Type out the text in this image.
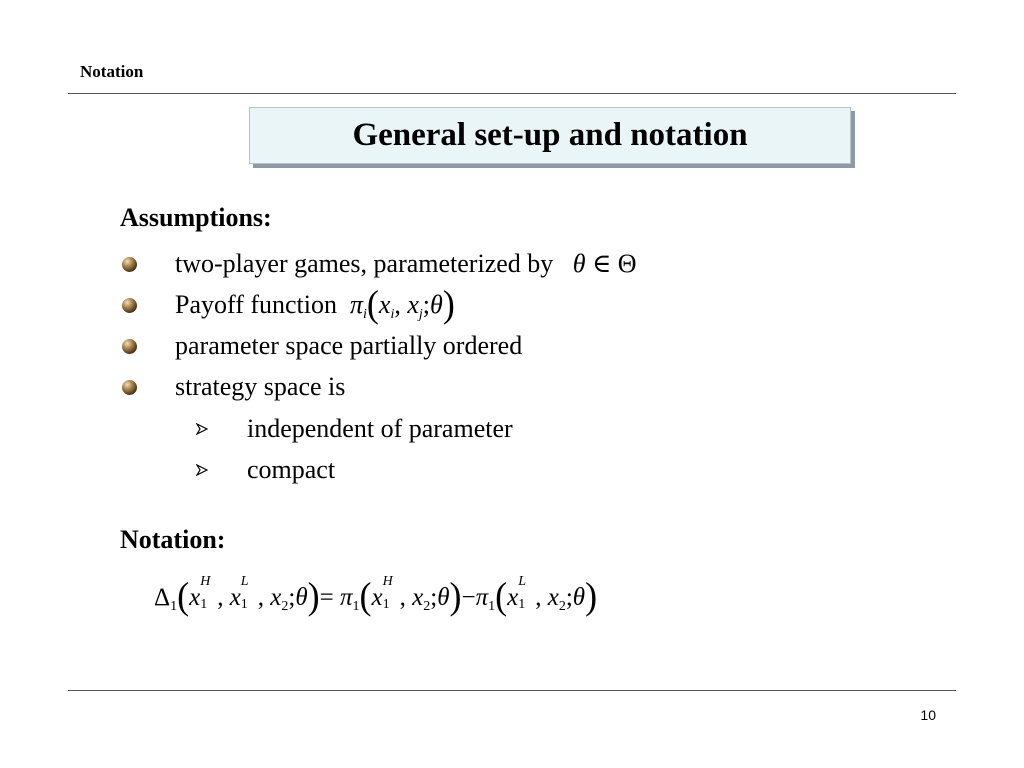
Notation
General set-up and notation
Assumptions:
two-player games, parameterized by   θ ∈ Θ
Payoff function  $\pi_i(x_i$, $x_j;\theta$)
parameter space partially ordered
strategy space is
independent of parameter
compact
Notation:
$\Delta_1(x$
H
1 , x
L
1 , $x_2;\theta)= \pi_1(x$
H
1 , $x_2;\theta)-\pi_1(x$
L
1 , $x_2;\theta$)
10
